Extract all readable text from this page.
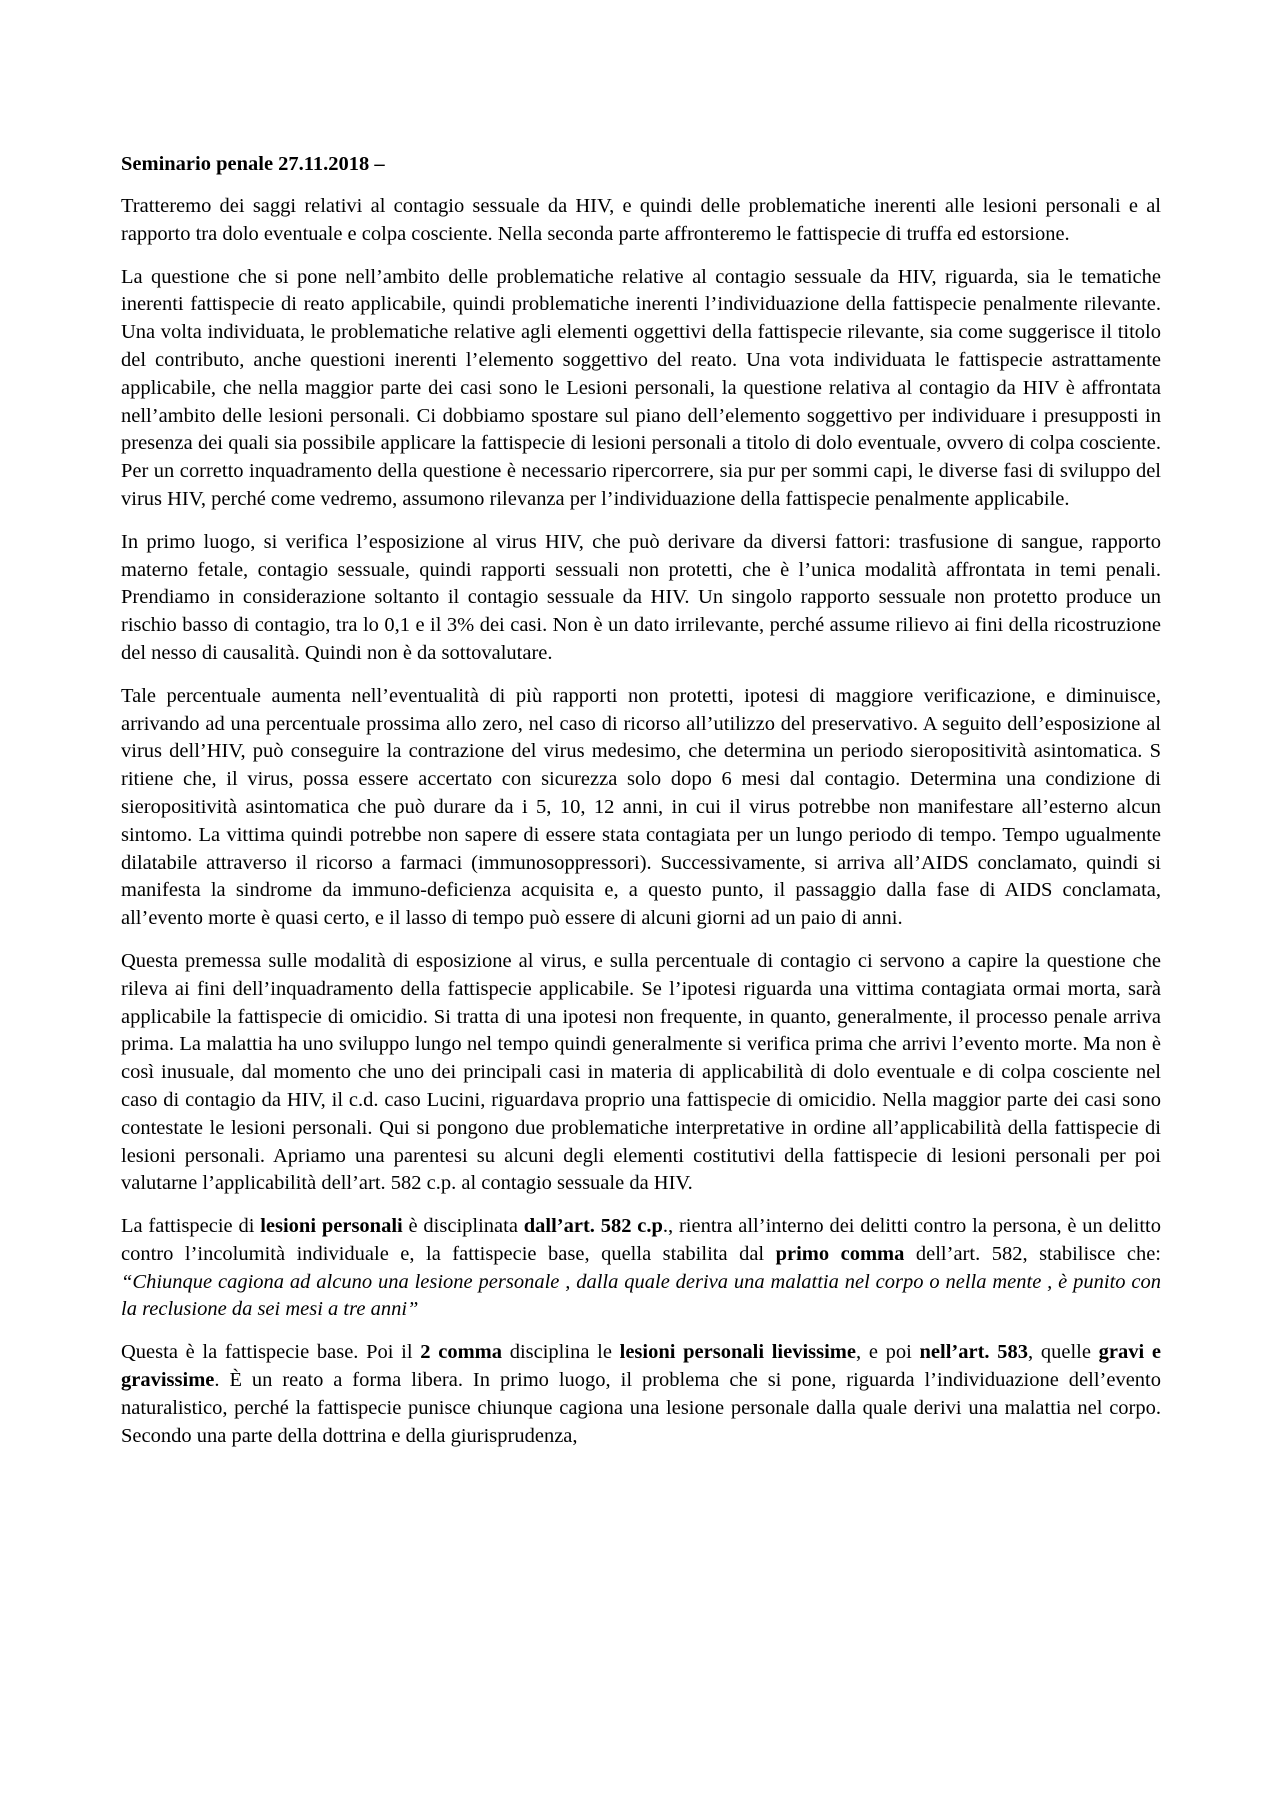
Seminario penale 27.11.2018 –

Tratteremo dei saggi relativi al contagio sessuale da HIV, e quindi delle problematiche inerenti alle lesioni personali e al rapporto tra dolo eventuale e colpa cosciente. Nella seconda parte affronteremo le fattispecie di truffa ed estorsione.

La questione che si pone nell’ambito delle problematiche relative al contagio sessuale da HIV, riguarda, sia le tematiche inerenti fattispecie di reato applicabile, quindi problematiche inerenti l’individuazione della fattispecie penalmente rilevante. Una volta individuata, le problematiche relative agli elementi oggettivi della fattispecie rilevante, sia come suggerisce il titolo del contributo, anche questioni inerenti l’elemento soggettivo del reato. Una vota individuata le fattispecie astrattamente applicabile, che nella maggior parte dei casi sono le Lesioni personali, la questione relativa al contagio da HIV è affrontata nell’ambito delle lesioni personali. Ci dobbiamo spostare sul piano dell’elemento soggettivo per individuare i presupposti in presenza dei quali sia possibile applicare la fattispecie di lesioni personali a titolo di dolo eventuale, ovvero di colpa cosciente. Per un corretto inquadramento della questione è necessario ripercorrere, sia pur per sommi capi, le diverse fasi di sviluppo del virus HIV, perché come vedremo, assumono rilevanza per l’individuazione della fattispecie penalmente applicabile.

In primo luogo, si verifica l’esposizione al virus HIV, che può derivare da diversi fattori: trasfusione di sangue, rapporto materno fetale, contagio sessuale, quindi rapporti sessuali non protetti, che è l’unica modalità affrontata in temi penali. Prendiamo in considerazione soltanto il contagio sessuale da HIV. Un singolo rapporto sessuale non protetto produce un rischio basso di contagio, tra lo 0,1 e il 3% dei casi. Non è un dato irrilevante, perché assume rilievo ai fini della ricostruzione del nesso di causalità. Quindi non è da sottovalutare.

Tale percentuale aumenta nell’eventualità di più rapporti non protetti, ipotesi di maggiore verificazione, e diminuisce, arrivando ad una percentuale prossima allo zero, nel caso di ricorso all’utilizzo del preservativo. A seguito dell’esposizione al virus dell’HIV, può conseguire la contrazione del virus medesimo, che determina un periodo sieropositività asintomatica. S ritiene che, il virus, possa essere accertato con sicurezza solo dopo 6 mesi dal contagio. Determina una condizione di sieropositività asintomatica che può durare da i 5, 10, 12 anni, in cui il virus potrebbe non manifestare all’esterno alcun sintomo. La vittima quindi potrebbe non sapere di essere stata contagiata per un lungo periodo di tempo. Tempo ugualmente dilatabile attraverso il ricorso a farmaci (immunosoppressori). Successivamente, si arriva all’AIDS conclamato, quindi si manifesta la sindrome da immuno-deficienza acquisita e, a questo punto, il passaggio dalla fase di AIDS conclamata, all’evento morte è quasi certo, e il lasso di tempo può essere di alcuni giorni ad un paio di anni.

Questa premessa sulle modalità di esposizione al virus, e sulla percentuale di contagio ci servono a capire la questione che rileva ai fini dell’inquadramento della fattispecie applicabile. Se l’ipotesi riguarda una vittima contagiata ormai morta, sarà applicabile la fattispecie di omicidio. Si tratta di una ipotesi non frequente, in quanto, generalmente, il processo penale arriva prima. La malattia ha uno sviluppo lungo nel tempo quindi generalmente si verifica prima che arrivi l’evento morte. Ma non è così inusuale, dal momento che uno dei principali casi in materia di applicabilità di dolo eventuale e di colpa cosciente nel caso di contagio da HIV, il c.d. caso Lucini, riguardava proprio una fattispecie di omicidio. Nella maggior parte dei casi sono contestate le lesioni personali. Qui si pongono due problematiche interpretative in ordine all’applicabilità della fattispecie di lesioni personali. Apriamo una parentesi su alcuni degli elementi costitutivi della fattispecie di lesioni personali per poi valutarne l’applicabilità dell’art. 582 c.p. al contagio sessuale da HIV.

La fattispecie di lesioni personali è disciplinata dall’art. 582 c.p., rientra all’interno dei delitti contro la persona, è un delitto contro l’incolumità individuale e, la fattispecie base, quella stabilita dal primo comma dell’art. 582, stabilisce che: “Chiunque cagiona ad alcuno una lesione personale , dalla quale deriva una malattia nel corpo o nella mente , è punito con la reclusione da sei mesi a tre anni”

Questa è la fattispecie base. Poi il 2 comma disciplina le lesioni personali lievissime, e poi nell’art. 583, quelle gravi e gravissime. È un reato a forma libera. In primo luogo, il problema che si pone, riguarda l’individuazione dell’evento naturalistico, perché la fattispecie punisce chiunque cagiona una lesione personale dalla quale derivi una malattia nel corpo. Secondo una parte della dottrina e della giurisprudenza,
